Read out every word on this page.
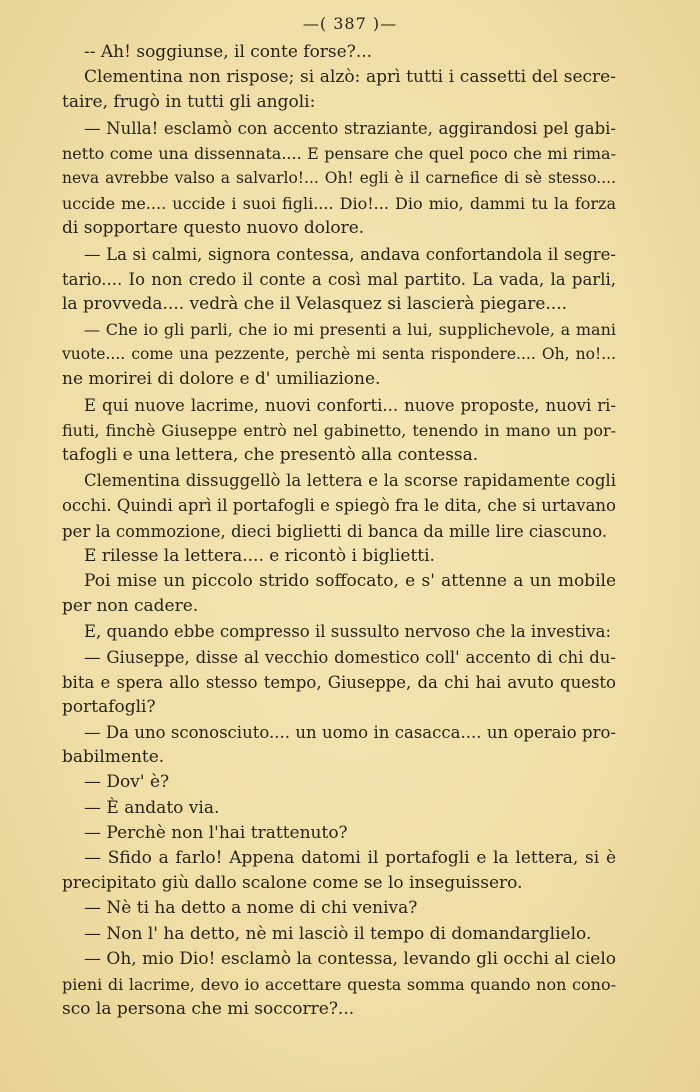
—( 387 )—
-- Ah! soggiunse, il conte forse?...
Clementina non rispose; si alzò: aprì tutti i cassetti del secre-
taire, frugò in tutti gli angoli:
— Nulla! esclamò con accento straziante, aggirandosi pel gabi-
netto come una dissennata.... E pensare che quel poco che mi rima-
neva avrebbe valso a salvarlo!... Oh! egli è il carnefice di sè stesso....
uccide me.... uccide i suoi figli.... Dio!... Dio mio, dammi tu la forza
di sopportare questo nuovo dolore.
— La si calmi, signora contessa, andava confortandola il segre-
tario.... Io non credo il conte a così mal partito. La vada, la parli,
la provveda.... vedrà che il Velasquez si lascierà piegare....
— Che io gli parli, che io mi presenti a lui, supplichevole, a mani
vuote.... come una pezzente, perchè mi senta rispondere.... Oh, no!...
ne morirei di dolore e d' umiliazione.
E qui nuove lacrime, nuovi conforti... nuove proposte, nuovi ri-
fiuti, finchè Giuseppe entrò nel gabinetto, tenendo in mano un por-
tafogli e una lettera, che presentò alla contessa.
Clementina dissuggellò la lettera e la scorse rapidamente cogli
occhi. Quindi aprì il portafogli e spiegò fra le dita, che si urtavano
per la commozione, dieci biglietti di banca da mille lire ciascuno.
E rilesse la lettera.... e ricontò i biglietti.
Poi mise un piccolo strido soffocato, e s' attenne a un mobile
per non cadere.
E, quando ebbe compresso il sussulto nervoso che la investiva:
— Giuseppe, disse al vecchio domestico coll' accento di chi du-
bita e spera allo stesso tempo, Giuseppe, da chi hai avuto questo
portafogli?
— Da uno sconosciuto.... un uomo in casacca.... un operaio pro-
babilmente.
— Dov' è?
— È andato via.
— Perchè non l'hai trattenuto?
— Sfido a farlo! Appena datomi il portafogli e la lettera, si è
precipitato giù dallo scalone come se lo inseguissero.
— Nè ti ha detto a nome di chi veniva?
— Non l' ha detto, nè mi lasciò il tempo di domandarglielo.
— Oh, mio Dio! esclamò la contessa, levando gli occhi al cielo
pieni di lacrime, devo io accettare questa somma quando non cono-
sco la persona che mi soccorre?...
